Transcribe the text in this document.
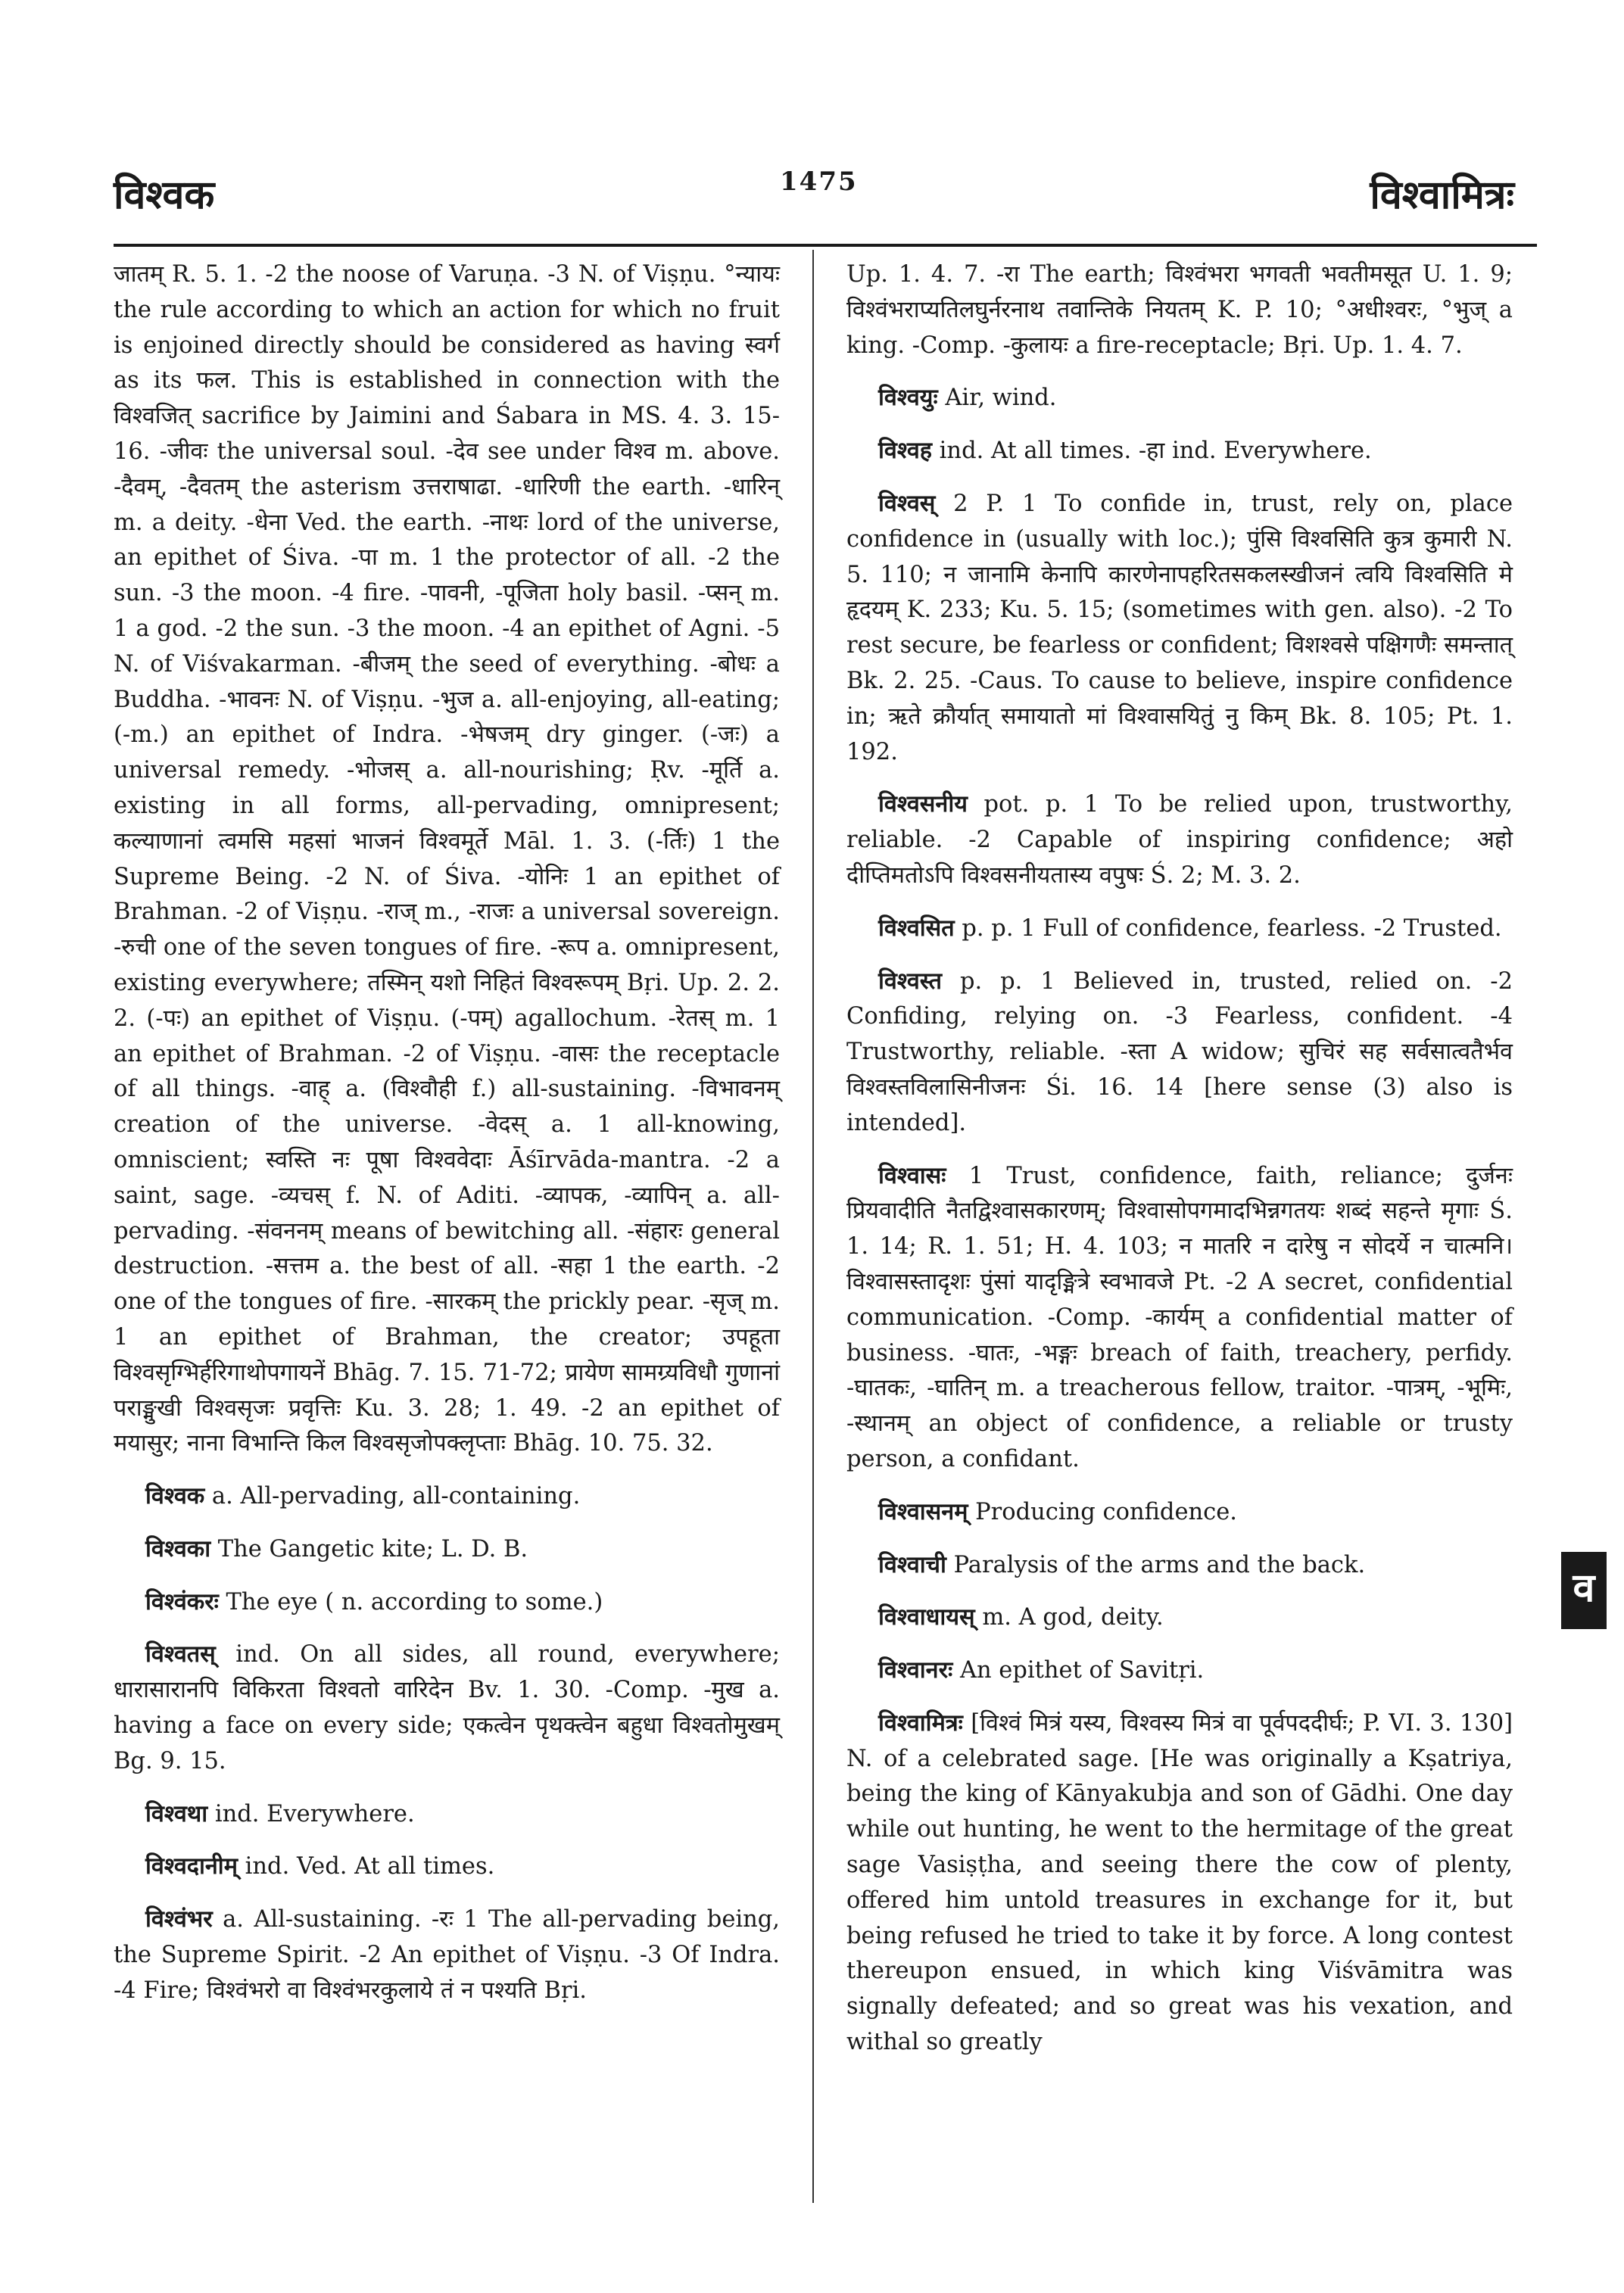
विश्वक	1475	विश्वामित्रः

जातम् R. 5. 1. -2 the noose of Varuṇa. -3 N. of Viṣṇu. °न्यायः the rule according to which an action for which no fruit is enjoined directly should be considered as having स्वर्ग as its फल. This is established in connection with the विश्वजित् sacrifice by Jaimini and Śabara in MS. 4. 3. 15-16. -जीवः the universal soul. -देव see under विश्व m. above. -दैवम्, -दैवतम् the asterism उत्तराषाढा. -धारिणी the earth. -धारिन् m. a deity. -धेना Ved. the earth. -नाथः lord of the universe, an epithet of Śiva. -पा m. 1 the protector of all. -2 the sun. -3 the moon. -4 fire. -पावनी, -पूजिता holy basil. -प्सन् m. 1 a god. -2 the sun. -3 the moon. -4 an epithet of Agni. -5 N. of Viśvakarman. -बीजम् the seed of everything. -बोधः a Buddha. -भावनः N. of Viṣṇu. -भुज a. all-enjoying, all-eating; (-m.) an epithet of Indra. -भेषजम् dry ginger. (-जः) a universal remedy. -भोजस् a. all-nourishing; Ṛv. -मूर्ति a. existing in all forms, all-pervading, omnipresent; कल्याणानां त्वमसि महसां भाजनं विश्वमूर्ते Māl. 1. 3. (-र्तिः) 1 the Supreme Being. -2 N. of Śiva. -योनिः 1 an epithet of Brahman. -2 of Viṣṇu. -राज् m., -राजः a universal sovereign. -रुची one of the seven tongues of fire. -रूप a. omnipresent, existing everywhere; तस्मिन् यशो निहितं विश्वरूपम् Bṛi. Up. 2. 2. 2. (-पः) an epithet of Viṣṇu. (-पम्) agallochum. -रेतस् m. 1 an epithet of Brahman. -2 of Viṣṇu. -वासः the receptacle of all things. -वाह् a. (विश्वौही f.) all-sustaining. -विभावनम् creation of the universe. -वेदस् a. 1 all-knowing, omniscient; स्वस्ति नः पूषा विश्ववेदाः Āśīrvāda-mantra. -2 a saint, sage. -व्यचस् f. N. of Aditi. -व्यापक, -व्यापिन् a. all-pervading. -संवननम् means of bewitching all. -संहारः general destruction. -सत्तम a. the best of all. -सहा 1 the earth. -2 one of the tongues of fire. -सारकम् the prickly pear. -सृज् m. 1 an epithet of Brahman, the creator; उपहूता विश्वसृग्भिर्हरिगाथोपगायनें Bhāg. 7. 15. 71-72; प्रायेण सामग्र्यविधौ गुणानां पराङ्मुखी विश्वसृजः प्रवृत्तिः Ku. 3. 28; 1. 49. -2 an epithet of मयासुर; नाना विभान्ति किल विश्वसृजोपक्लृप्ताः Bhāg. 10. 75. 32.

विश्वक a. All-pervading, all-containing.

विश्वका The Gangetic kite; L. D. B.

विश्वंकरः The eye ( n. according to some.)

विश्वतस् ind. On all sides, all round, everywhere; धारासारानपि विकिरता विश्वतो वारिदेन Bv. 1. 30. -Comp. -मुख a. having a face on every side; एकत्वेन पृथक्त्वेन बहुधा विश्वतोमुखम् Bg. 9. 15.

विश्वथा ind. Everywhere.

विश्वदानीम् ind. Ved. At all times.

विश्वंभर a. All-sustaining. -रः 1 The all-pervading being, the Supreme Spirit. -2 An epithet of Viṣṇu. -3 Of Indra. -4 Fire; विश्वंभरो वा विश्वंभरकुलाये तं न पश्यति Bṛi.

Up. 1. 4. 7. -रा The earth; विश्वंभरा भगवती भवतीमसूत U. 1. 9; विश्वंभराप्यतिलघुर्नरनाथ तवान्तिके नियतम् K. P. 10; °अधीश्वरः, °भुज् a king. -Comp. -कुलायः a fire-receptacle; Bṛi. Up. 1. 4. 7.

विश्वयुः Air, wind.

विश्वह ind. At all times. -हा ind. Everywhere.

विश्वस् 2 P. 1 To confide in, trust, rely on, place confidence in (usually with loc.); पुंसि विश्वसिति कुत्र कुमारी N. 5. 110; न जानामि केनापि कारणेनापहरितसकलस्खीजनं त्वयि विश्वसिति मे हृदयम् K. 233; Ku. 5. 15; (sometimes with gen. also). -2 To rest secure, be fearless or confident; विशश्वसे पक्षिगणैः समन्तात् Bk. 2. 25. -Caus. To cause to believe, inspire confidence in; ऋते क्रौर्यात् समायातो मां विश्वासयितुं नु किम् Bk. 8. 105; Pt. 1. 192.

विश्वसनीय pot. p. 1 To be relied upon, trustworthy, reliable. -2 Capable of inspiring confidence; अहो दीप्तिमतोऽपि विश्वसनीयतास्य वपुषः Ś. 2; M. 3. 2.

विश्वसित p. p. 1 Full of confidence, fearless. -2 Trusted.

विश्वस्त p. p. 1 Believed in, trusted, relied on. -2 Confiding, relying on. -3 Fearless, confident. -4 Trustworthy, reliable. -स्ता A widow; सुचिरं सह सर्वसात्वतैर्भव विश्वस्तविलासिनीजनः Śi. 16. 14 [here sense (3) also is intended].

विश्वासः 1 Trust, confidence, faith, reliance; दुर्जनः प्रियवादीति नैतद्विश्वासकारणम्; विश्वासोपगमादभिन्नगतयः शब्दं सहन्ते मृगाः Ś. 1. 14; R. 1. 51; H. 4. 103; न मातरि न दारेषु न सोदर्ये न चात्मनि। विश्वासस्तादृशः पुंसां यादृङ्मित्रे स्वभावजे Pt. -2 A secret, confidential communication. -Comp. -कार्यम् a confidential matter of business. -घातः, -भङ्गः breach of faith, treachery, perfidy. -घातकः, -घातिन् m. a treacherous fellow, traitor. -पात्रम्, -भूमिः, -स्थानम् an object of confidence, a reliable or trusty person, a confidant.

विश्वासनम् Producing confidence.

विश्वाची Paralysis of the arms and the back.

विश्वाधायस् m. A god, deity.

विश्वानरः An epithet of Savitṛi.

विश्वामित्रः [विश्वं मित्रं यस्य, विश्वस्य मित्रं वा पूर्वपददीर्घः; P. VI. 3. 130] N. of a celebrated sage. [He was originally a Kṣatriya, being the king of Kānyakubja and son of Gādhi. One day while out hunting, he went to the hermitage of the great sage Vasiṣṭha, and seeing there the cow of plenty, offered him untold treasures in exchange for it, but being refused he tried to take it by force. A long contest thereupon ensued, in which king Viśvāmitra was signally defeated; and so great was his vexation, and withal so greatly

व
